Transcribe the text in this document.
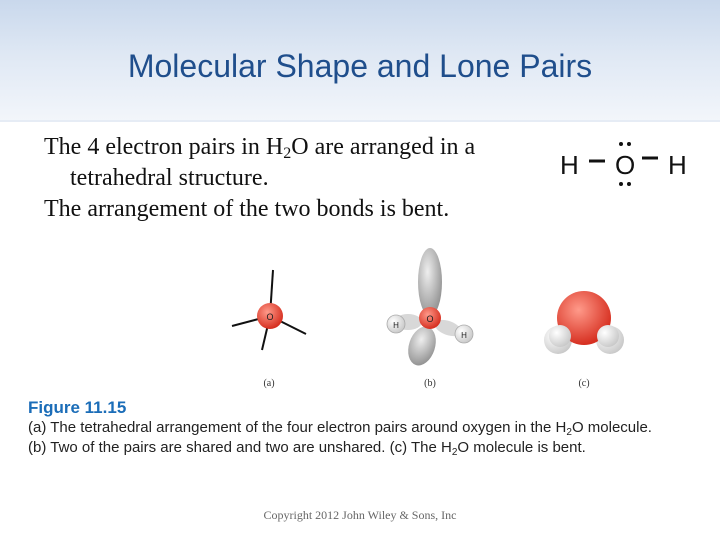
Molecular Shape and Lone Pairs

The 4 electron pairs in $H_2O$ are arranged in a

tetrahedral structure.

The arrangement of the two bonds is bent.

H O H
O
(a)
H
H
O
(b)	(c)
Figure 11.15
(a) The tetrahedral arrangement of the four electron pairs around oxygen in the $H_2O$ molecule.
(b) Two of the pairs are shared and two are unshared. (c) The $H_2O$ molecule is bent.
Copyright 2012 John Wiley & Sons, Inc
